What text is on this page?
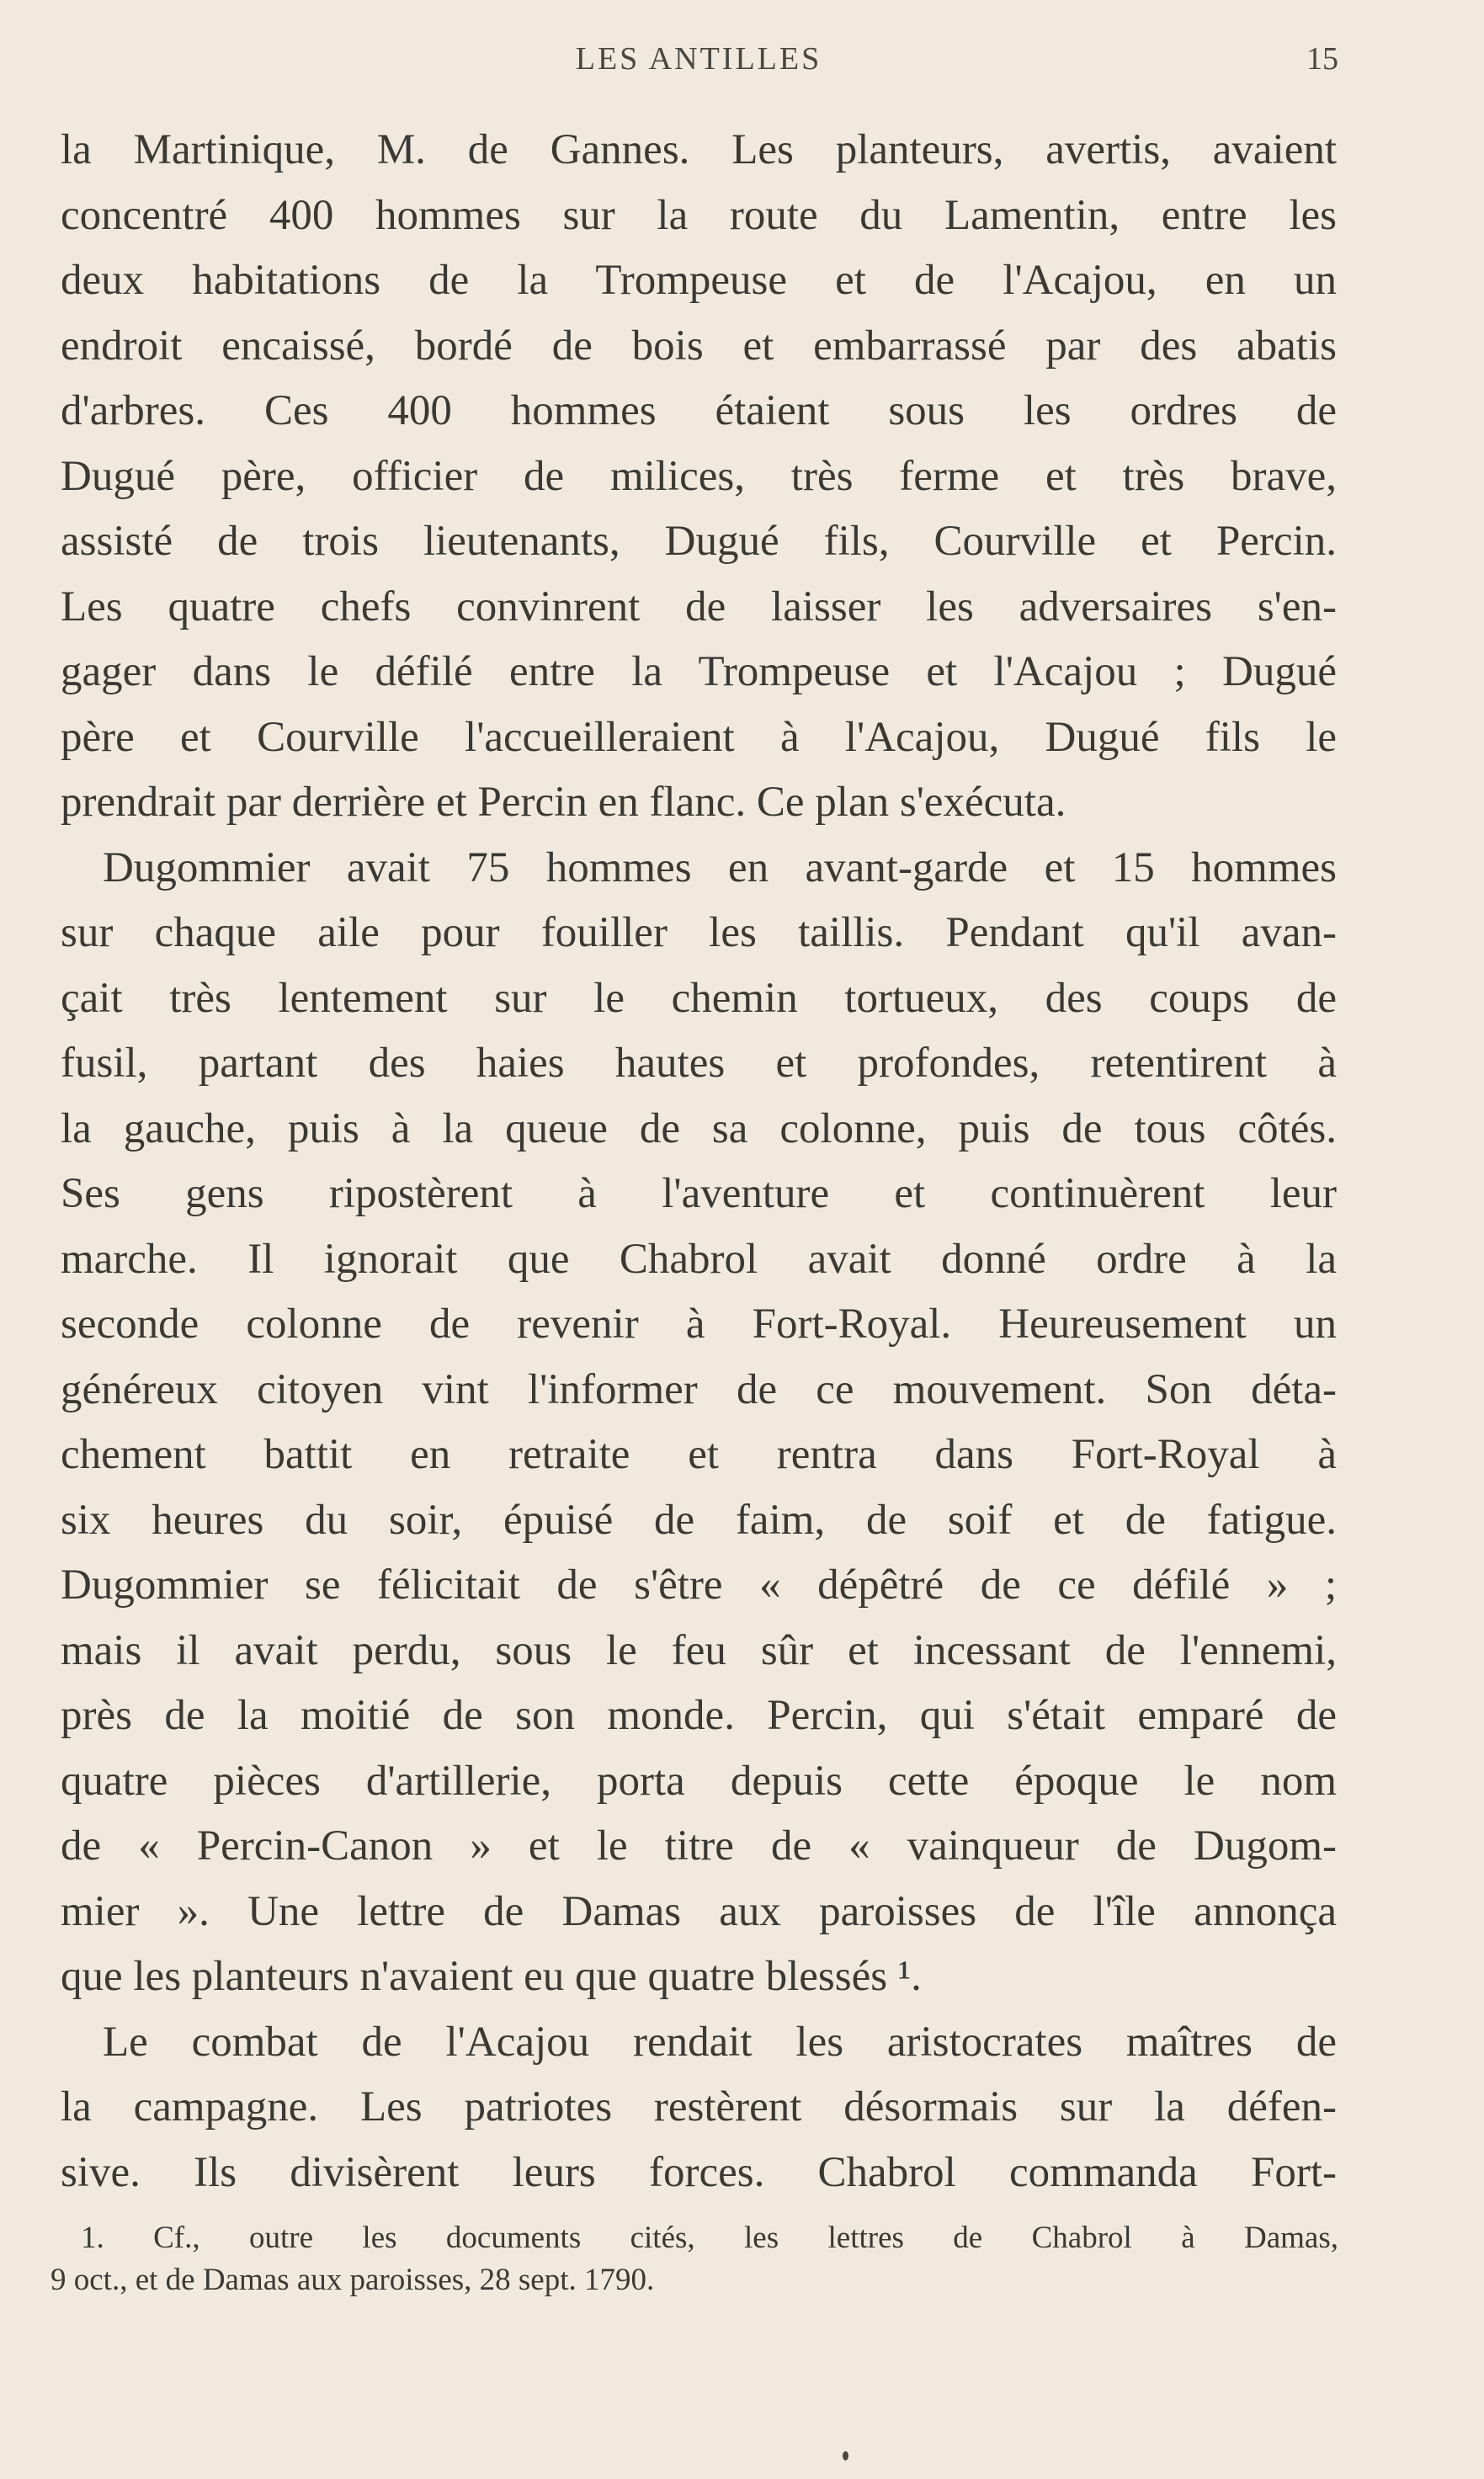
LES ANTILLES	15
la Martinique, M. de Gannes. Les planteurs, avertis, avaient
concentré 400 hommes sur la route du Lamentin, entre les
deux habitations de la Trompeuse et de l'Acajou, en un
endroit encaissé, bordé de bois et embarrassé par des abatis
d'arbres. Ces 400 hommes étaient sous les ordres de
Dugué père, officier de milices, très ferme et très brave,
assisté de trois lieutenants, Dugué fils, Courville et Percin.
Les quatre chefs convinrent de laisser les adversaires s'en-
gager dans le défilé entre la Trompeuse et l'Acajou ; Dugué
père et Courville l'accueilleraient à l'Acajou, Dugué fils le
prendrait par derrière et Percin en flanc. Ce plan s'exécuta.
Dugommier avait 75 hommes en avant-garde et 15 hommes
sur chaque aile pour fouiller les taillis. Pendant qu'il avan-
çait très lentement sur le chemin tortueux, des coups de
fusil, partant des haies hautes et profondes, retentirent à
la gauche, puis à la queue de sa colonne, puis de tous côtés.
Ses gens ripostèrent à l'aventure et continuèrent leur
marche. Il ignorait que Chabrol avait donné ordre à la
seconde colonne de revenir à Fort-Royal. Heureusement un
généreux citoyen vint l'informer de ce mouvement. Son déta-
chement battit en retraite et rentra dans Fort-Royal à
six heures du soir, épuisé de faim, de soif et de fatigue.
Dugommier se félicitait de s'être « dépêtré de ce défilé » ;
mais il avait perdu, sous le feu sûr et incessant de l'ennemi,
près de la moitié de son monde. Percin, qui s'était emparé de
quatre pièces d'artillerie, porta depuis cette époque le nom
de « Percin-Canon » et le titre de « vainqueur de Dugom-
mier ». Une lettre de Damas aux paroisses de l'île annonça
que les planteurs n'avaient eu que quatre blessés ¹.
Le combat de l'Acajou rendait les aristocrates maîtres de
la campagne. Les patriotes restèrent désormais sur la défen-
sive. Ils divisèrent leurs forces. Chabrol commanda Fort-
1. Cf., outre les documents cités, les lettres de Chabrol à Damas,
9 oct., et de Damas aux paroisses, 28 sept. 1790.
